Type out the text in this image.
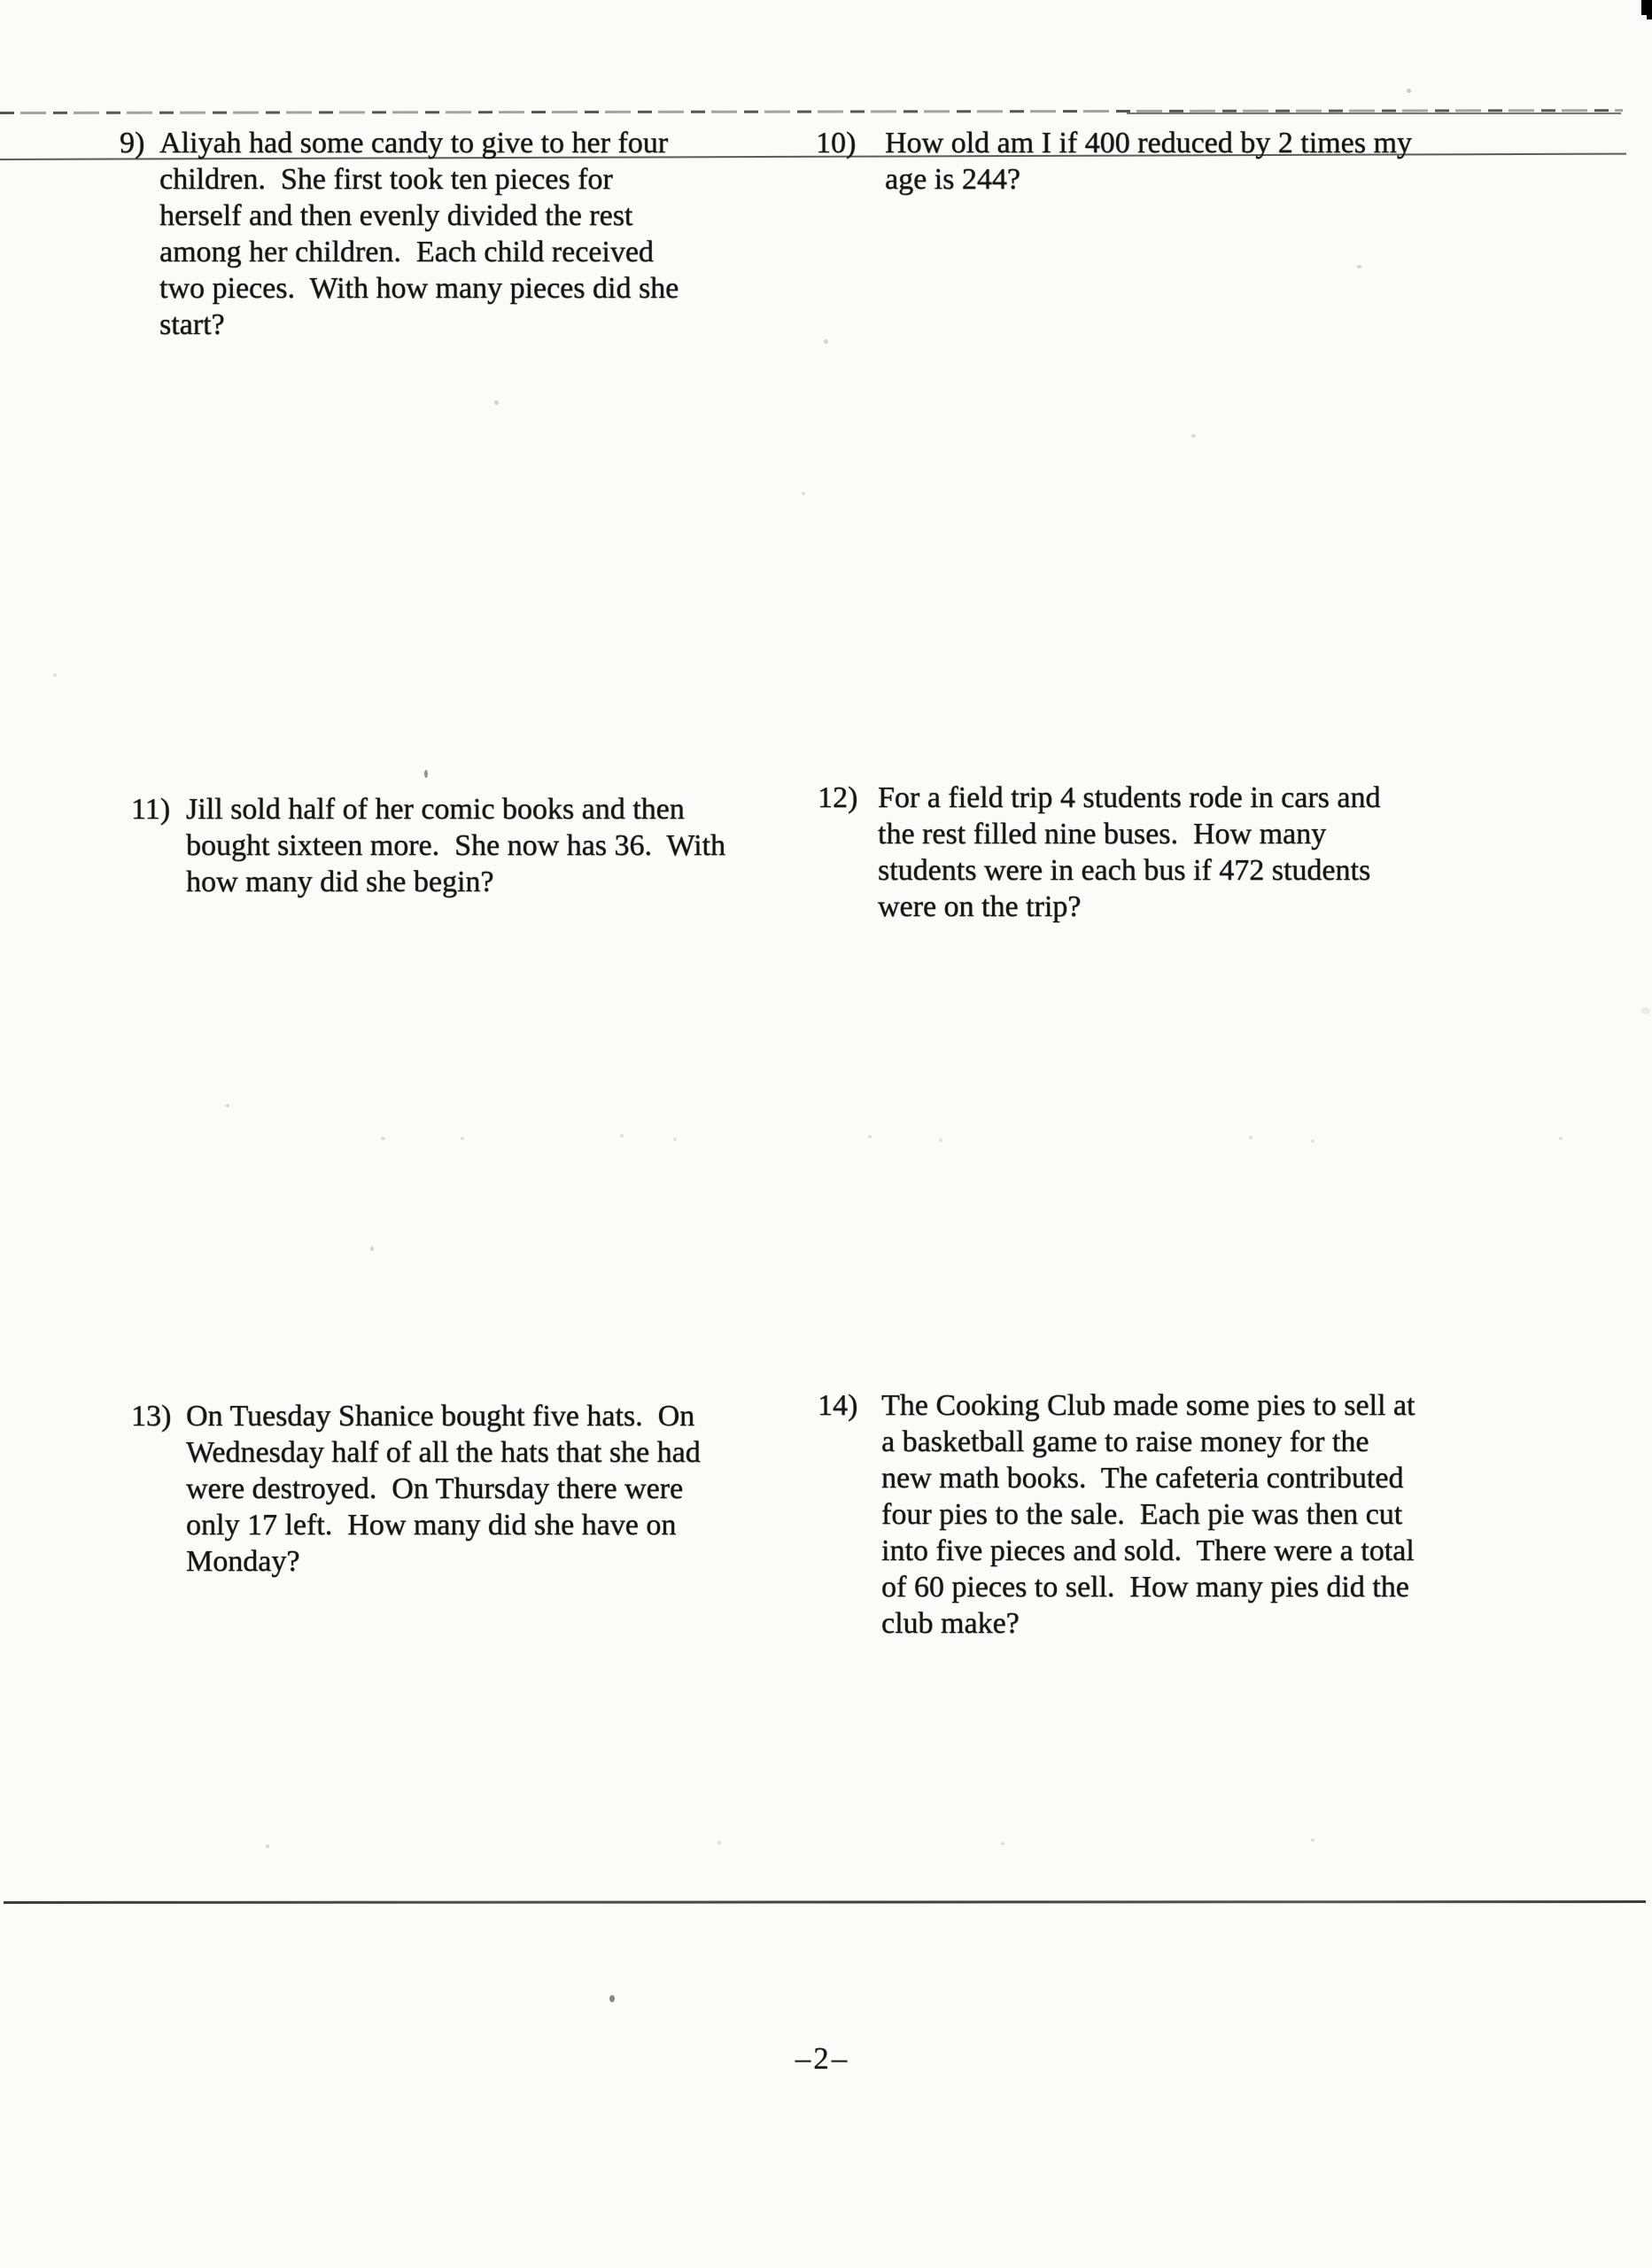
9) Aliyah had some candy to give to her four
children.  She first took ten pieces for
herself and then evenly divided the rest
among her children.  Each child received
two pieces.  With how many pieces did she
start?
10) How old am I if 400 reduced by 2 times my
age is 244?
11) Jill sold half of her comic books and then
bought sixteen more.  She now has 36.  With
how many did she begin?
12) For a field trip 4 students rode in cars and
the rest filled nine buses.  How many
students were in each bus if 472 students
were on the trip?
13) On Tuesday Shanice bought five hats.  On
Wednesday half of all the hats that she had
were destroyed.  On Thursday there were
only 17 left.  How many did she have on
Monday?
14) The Cooking Club made some pies to sell at
a basketball game to raise money for the
new math books.  The cafeteria contributed
four pies to the sale.  Each pie was then cut
into five pieces and sold.  There were a total
of 60 pieces to sell.  How many pies did the
club make?
–2–
